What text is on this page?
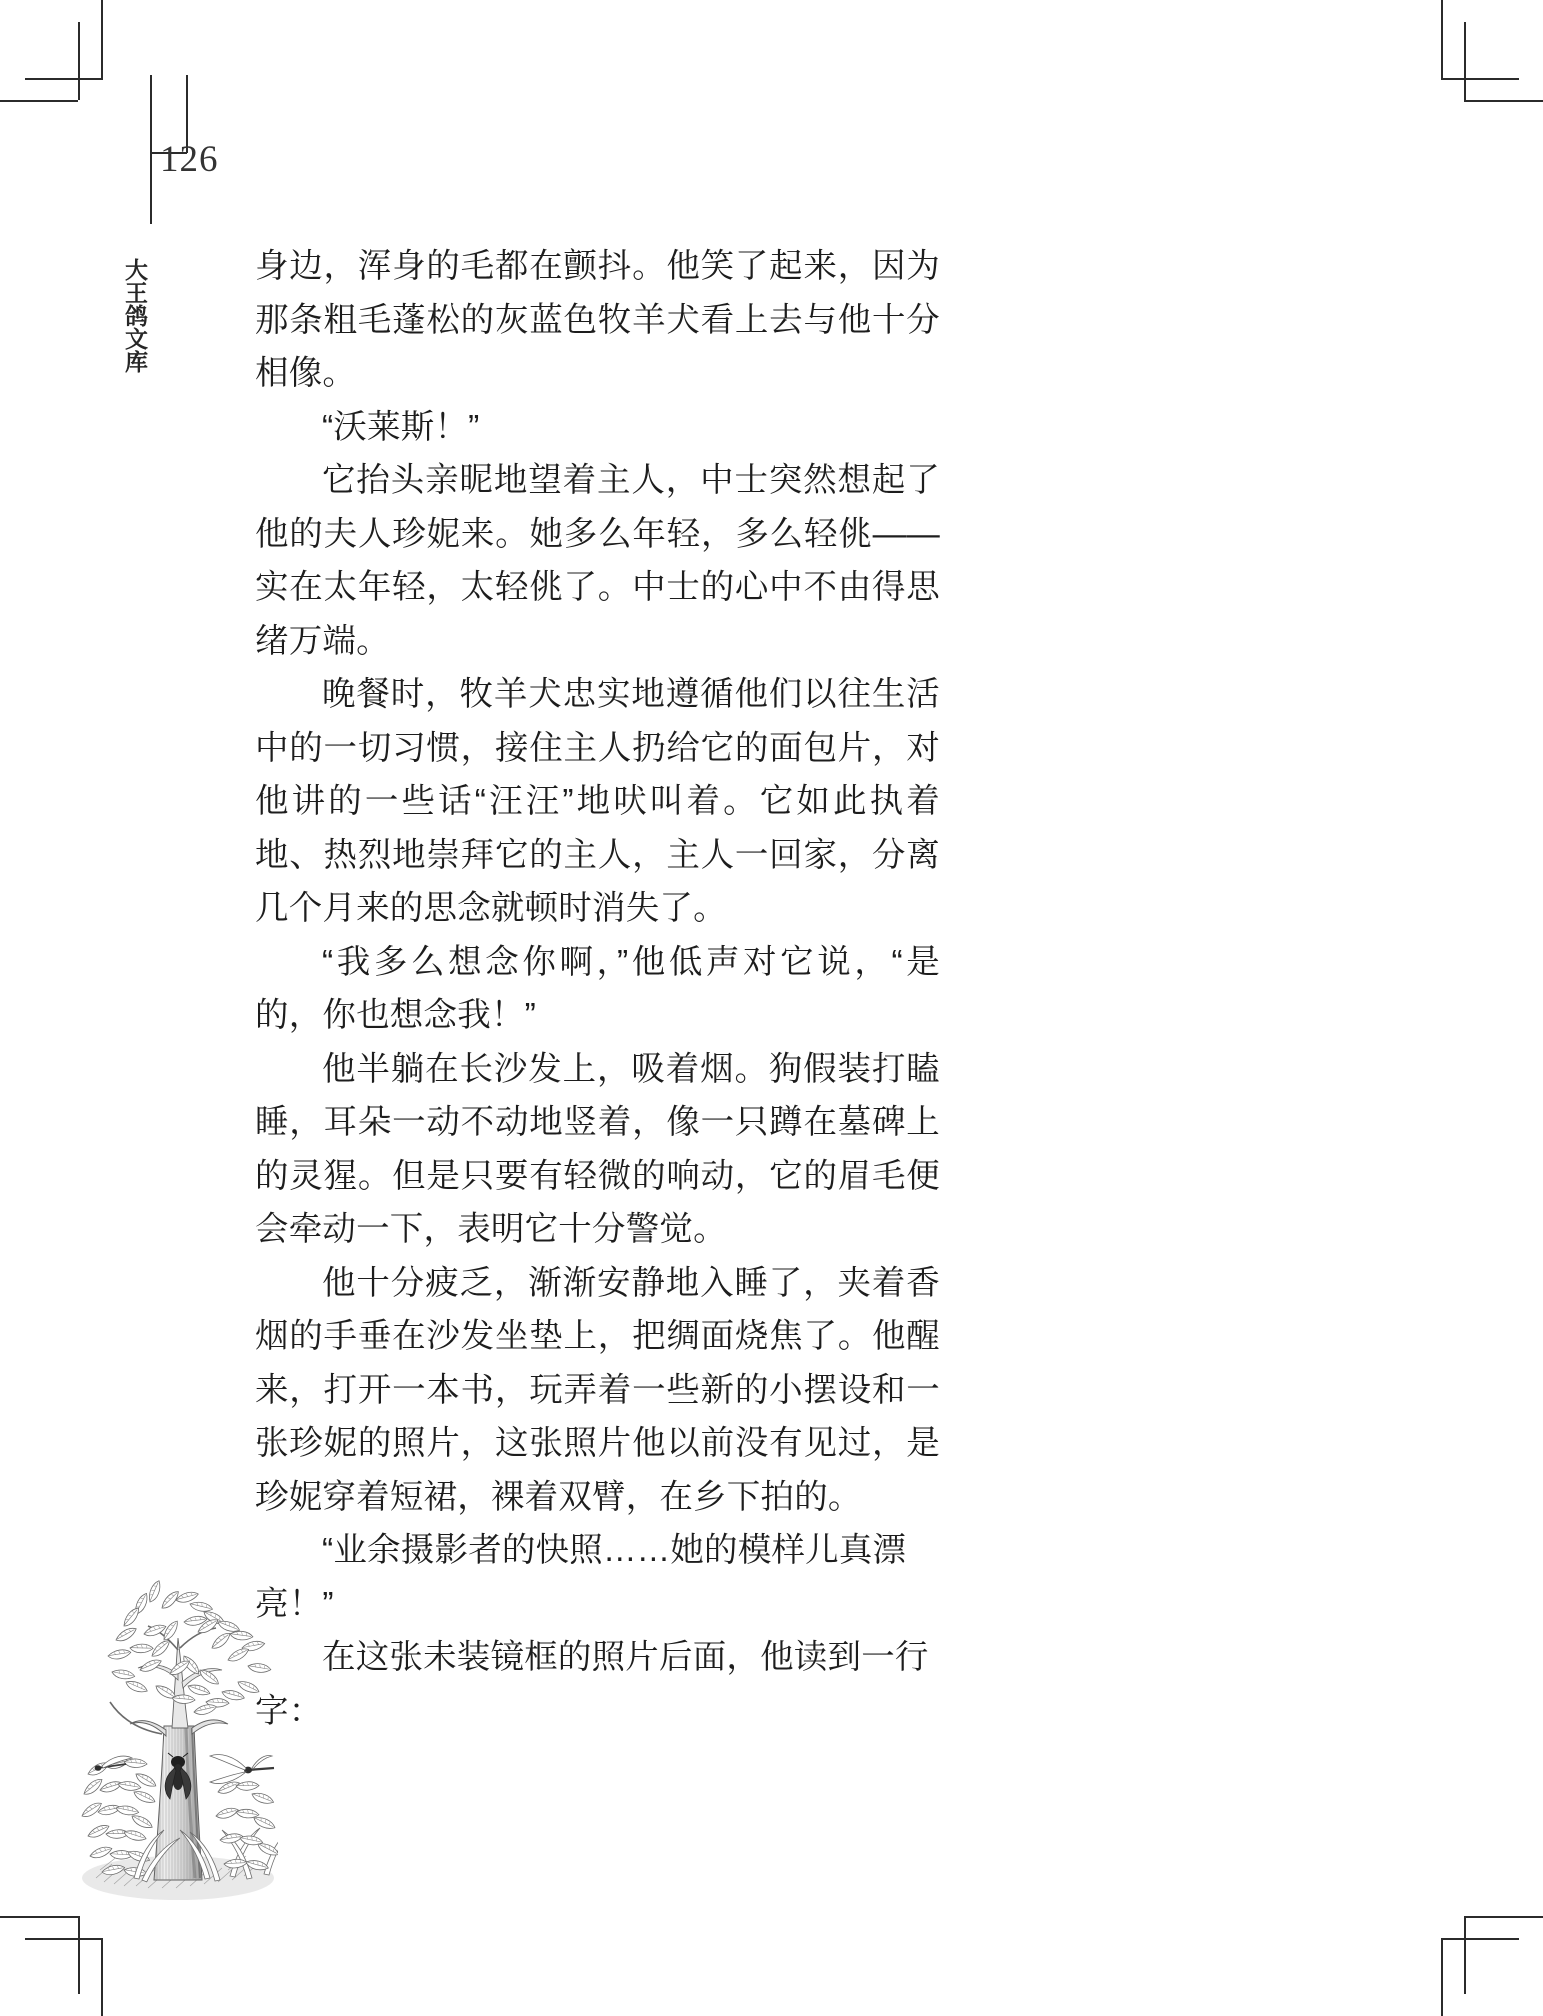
126
大王鸽文库	身边，浑身的毛都在颤抖。他笑了起来，因为那条粗毛蓬松的灰蓝色牧羊犬看上去与他十分相像。

“沃莱斯！”

它抬头亲昵地望着主人，中士突然想起了他的夫人珍妮来。她多么年轻，多么轻佻——实在太年轻，太轻佻了。中士的心中不由得思绪万端。

晚餐时，牧羊犬忠实地遵循他们以往生活中的一切习惯，接住主人扔给它的面包片，对他讲的一些话“汪汪”地吠叫着。它如此执着地、热烈地崇拜它的主人，主人一回家，分离几个月来的思念就顿时消失了。

“我多么想念你啊，”他低声对它说，“是的，你也想念我！”

他半躺在长沙发上，吸着烟。狗假装打瞌睡，耳朵一动不动地竖着，像一只蹲在墓碑上的灵猩。但是只要有轻微的响动，它的眉毛便会牵动一下，表明它十分警觉。

他十分疲乏，渐渐安静地入睡了，夹着香烟的手垂在沙发坐垫上，把绸面烧焦了。他醒来，打开一本书，玩弄着一些新的小摆设和一张珍妮的照片，这张照片他以前没有见过，是珍妮穿着短裙，裸着双臂，在乡下拍的。

“业余摄影者的快照……她的模样儿真漂亮！”

在这张未装镜框的照片后面，他读到一行字：
